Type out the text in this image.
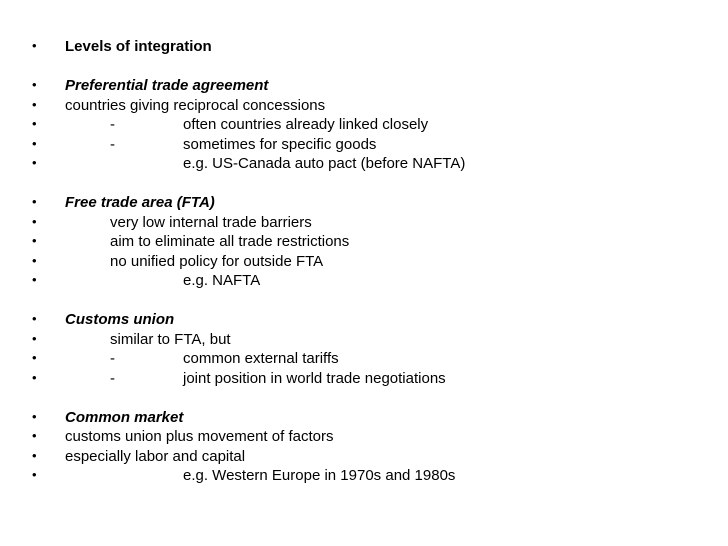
• Levels of integration
• Preferential trade agreement
• countries giving reciprocal concessions
•	-	often countries already linked closely
•	-	sometimes for specific goods
•	e.g. US-Canada auto pact (before NAFTA)
• Free trade area (FTA)
•	very low internal trade barriers
•	aim to eliminate all trade restrictions
•	no unified policy for outside FTA
•	e.g. NAFTA
• Customs union
•	similar to FTA, but
•	-	common external tariffs
•	-	joint position in world trade negotiations
• Common market
• customs union plus movement of factors
• especially labor and capital
•	e.g. Western Europe in 1970s and 1980s
